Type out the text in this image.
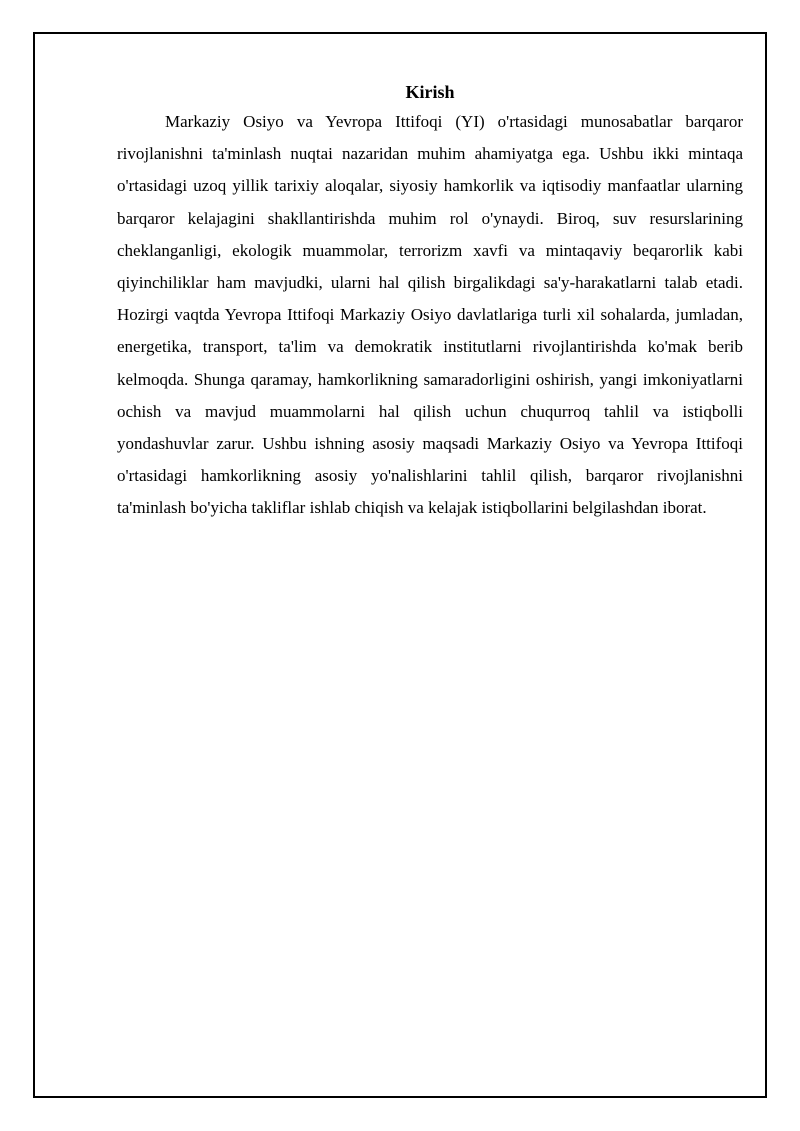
Kirish

Markaziy Osiyo va Yevropa Ittifoqi (YI) o'rtasidagi munosabatlar barqaror rivojlanishni ta'minlash nuqtai nazaridan muhim ahamiyatga ega. Ushbu ikki mintaqa o'rtasidagi uzoq yillik tarixiy aloqalar, siyosiy hamkorlik va iqtisodiy manfaatlar ularning barqaror kelajagini shakllantirishda muhim rol o'ynaydi. Biroq, suv resurslarining cheklanganligi, ekologik muammolar, terrorizm xavfi va mintaqaviy beqarorlik kabi qiyinchiliklar ham mavjudki, ularni hal qilish birgalikdagi sa'y-harakatlarni talab etadi. Hozirgi vaqtda Yevropa Ittifoqi Markaziy Osiyo davlatlariga turli xil sohalarda, jumladan, energetika, transport, ta'lim va demokratik institutlarni rivojlantirishda ko'mak berib kelmoqda. Shunga qaramay, hamkorlikning samaradorligini oshirish, yangi imkoniyatlarni ochish va mavjud muammolarni hal qilish uchun chuqurroq tahlil va istiqbolli yondashuvlar zarur. Ushbu ishning asosiy maqsadi Markaziy Osiyo va Yevropa Ittifoqi o'rtasidagi hamkorlikning asosiy yo'nalishlarini tahlil qilish, barqaror rivojlanishni ta'minlash bo'yicha takliflar ishlab chiqish va kelajak istiqbollarini belgilashdan iborat.
